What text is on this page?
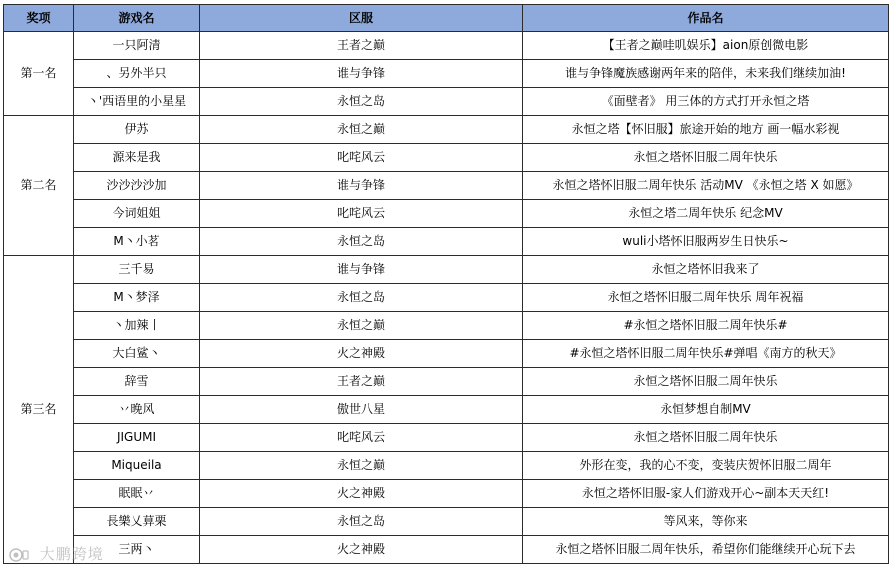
奖项	游戏名	区服	作品名
第一名	一只阿清	王者之巅	【王者之巅哇叽娱乐】aion原创微电影
	、另外半只	谁与争锋	谁与争锋魔族感谢两年来的陪伴，未来我们继续加油!
	丶'西语里的小星星	永恒之岛	《面壁者》 用三体的方式打开永恒之塔
第二名	伊苏	永恒之巅	永恒之塔【怀旧服】旅途开始的地方 画一幅水彩视
	源来是我	叱咤风云	永恒之塔怀旧服二周年快乐
	沙沙沙沙加	谁与争锋	永恒之塔怀旧服二周年快乐 活动MV 《永恒之塔 X 如愿》
	今词姐姐	叱咤风云	永恒之塔二周年快乐 纪念MV
	M丶小茗	永恒之岛	wuli小塔怀旧服两岁生日快乐~
第三名	三千易	谁与争锋	永恒之塔怀旧我来了
	M丶梦泽	永恒之岛	永恒之塔怀旧服二周年快乐 周年祝福
	丶加辣丨	永恒之巅	#永恒之塔怀旧服二周年快乐#
	大白鲨丶	火之神殿	#永恒之塔怀旧服二周年快乐#弹唱《南方的秋天》
	辞雪	王者之巅	永恒之塔怀旧服二周年快乐
	丷晚风	傲世八星	永恒梦想自制MV
	JIGUMI	叱咤风云	永恒之塔怀旧服二周年快乐
	Miqueila	永恒之巅	外形在变，我的心不变，变装庆贺怀旧服二周年
	眠眠丷	火之神殿	永恒之塔怀旧服-家人们游戏开心~副本天天红!
	長樂乂萛栗	永恒之岛	等风来，等你来
	三两丶	火之神殿	永恒之塔怀旧服二周年快乐，希望你们能继续开心玩下去
大鹏跨境
